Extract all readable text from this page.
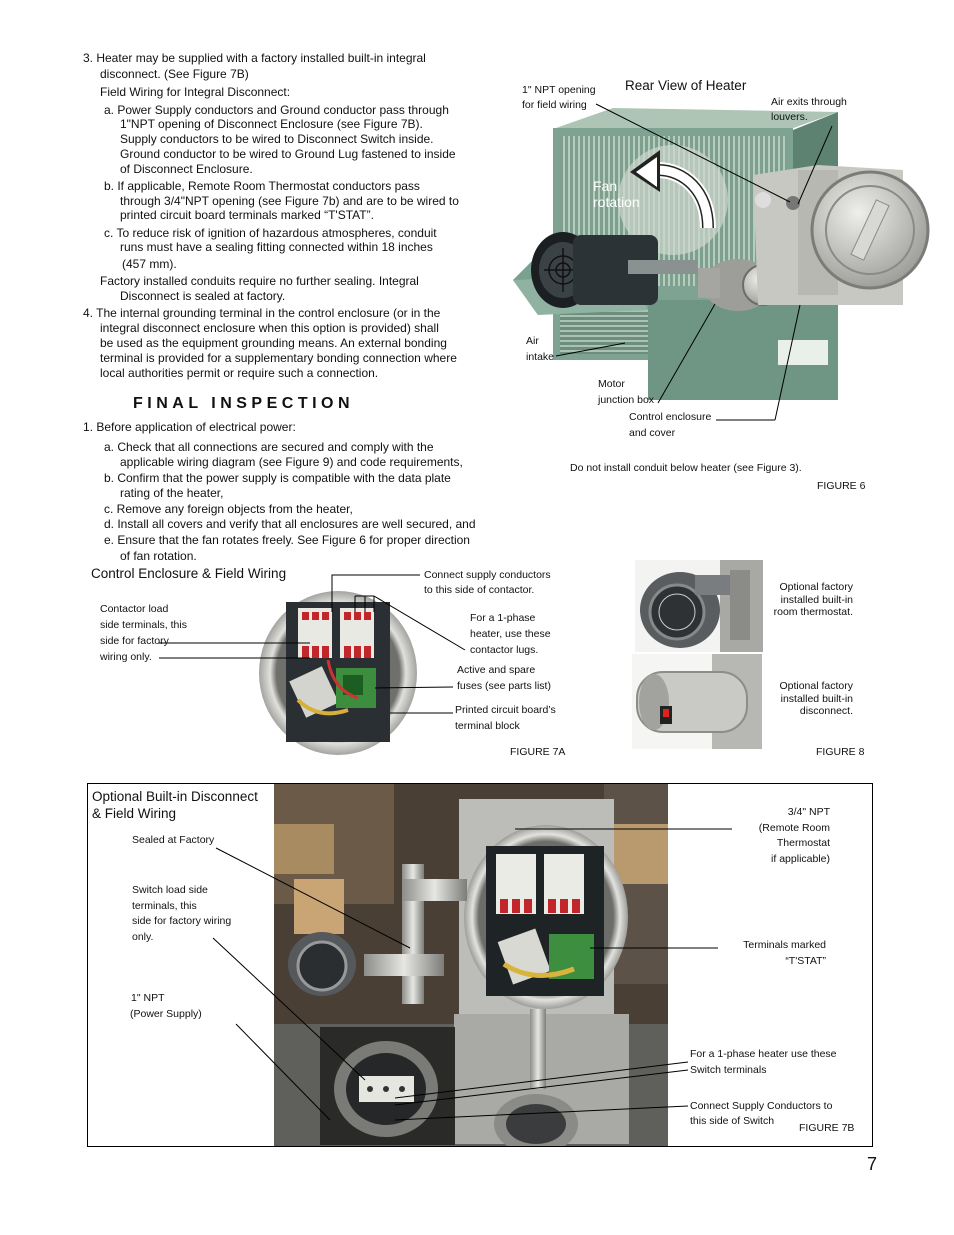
3. Heater may be supplied with a factory installed built-in integral
disconnect. (See Figure 7B)
Field Wiring for Integral Disconnect:
a. Power Supply conductors and Ground conductor pass through
1"NPT opening of Disconnect Enclosure (see Figure 7B).
Supply conductors to be wired to Disconnect Switch inside.
Ground conductor to be wired to Ground Lug fastened to inside
of Disconnect Enclosure.
b. If applicable, Remote Room Thermostat conductors pass
through 3/4"NPT opening (see Figure 7b) and are to be wired to
printed circuit board terminals marked “T'STAT”.
c. To reduce risk of ignition of hazardous atmospheres, conduit
runs must have a sealing fitting connected within 18 inches
(457 mm).
Factory installed conduits require no further sealing. Integral
Disconnect is sealed at factory.
4. The internal grounding terminal in the control enclosure (or in the
integral disconnect enclosure when this option is provided) shall
be used as the equipment grounding means. An external bonding
terminal is provided for a supplementary bonding connection where
local authorities permit or require such a connection.
FINAL INSPECTION
1. Before application of electrical power:
a. Check that all connections are secured and comply with the
applicable wiring diagram (see Figure 9) and code requirements,
b. Confirm that the power supply is compatible with the data plate
rating of the heater,
c. Remove any foreign objects from the heater,
d. Install all covers and verify that all enclosures are well secured, and
e. Ensure that the fan rotates freely. See Figure 6 for proper direction
of fan rotation.
1" NPT opening
for field wiring
Rear View of Heater
Air exits through
louvers.
Fan
rotation
Air
intake
Motor
junction box
Control enclosure
and cover
Do not install conduit below heater (see Figure 3).
FIGURE 6
Control Enclosure & Field Wiring	Connect supply conductors
to this side of contactor.
Contactor load
side terminals, this
side for factory
wiring only.
For a 1-phase
heater, use these
contactor lugs.
Active and spare
fuses (see parts list)
Printed circuit board’s
terminal block
FIGURE 7A
Optional factory
installed built-in
room thermostat.
Optional factory
installed built-in
disconnect.
FIGURE 8
Optional Built-in Disconnect
& Field Wiring
Sealed at Factory
Switch load side
terminals, this
side for factory wiring
only.
1" NPT
(Power Supply)
3/4" NPT
(Remote Room
Thermostat
if applicable)
Terminals marked
“T'STAT”
For a 1-phase heater use these
Switch terminals
Connect Supply Conductors to
this side of Switch
FIGURE 7B
7
